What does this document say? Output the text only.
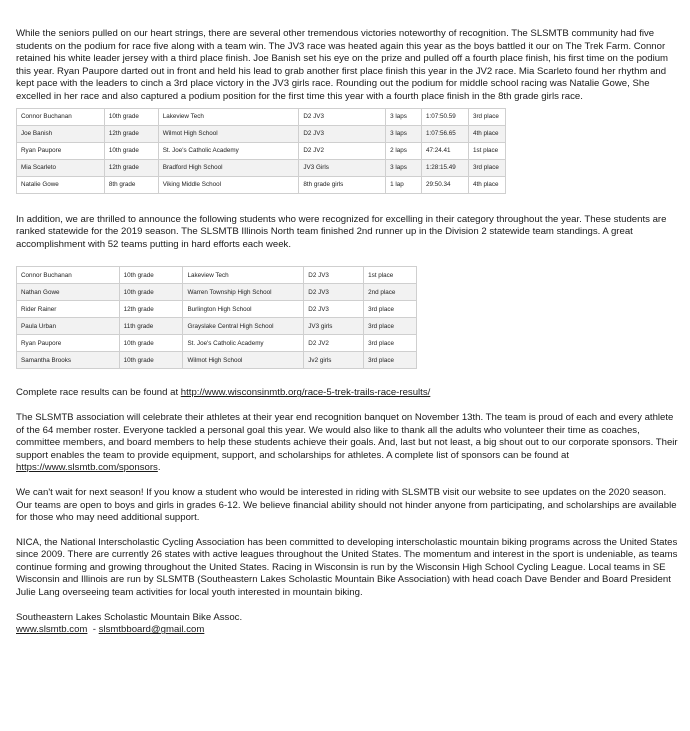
While the seniors pulled on our heart strings, there are several other tremendous victories noteworthy of recognition. The SLSMTB community had five students on the podium for race five along with a team win. The JV3 race was heated again this year as the boys battled it our on The Trek Farm. Connor retained his white leader jersey with a third place finish. Joe Banish set his eye on the prize and pulled off a fourth place finish, his first time on the podium this year. Ryan Paupore darted out in front and held his lead to grab another first place finish this year in the JV2 race. Mia Scarleto found her rhythm and kept pace with the leaders to cinch a 3rd place victory in the JV3 girls race. Rounding out the podium for middle school racing was Natalie Gowe, She excelled in her race and also captured a podium position for the first time this year with a fourth place finish in the 8th grade girls race.

Connor Buchanan	10th grade	Lakeview Tech	D2 JV3	3 laps	1:07:50.59	3rd place
Joe Banish	12th grade	Wilmot High School	D2 JV3	3 laps	1:07:56.65	4th place
Ryan Paupore	10th grade	St. Joe's Catholic Academy	D2 JV2	2 laps	47:24.41	1st place
Mia Scarleto	12th grade	Bradford High School	JV3 Girls	3 laps	1:28:15.49	3rd place
Natalie Gowe	8th grade	Viking Middle School	8th grade girls	1 lap	29:50.34	4th place

In addition, we are thrilled to announce the following students who were recognized for excelling in their category throughout the year. These students are ranked statewide for the 2019 season. The SLSMTB Illinois North team finished 2nd runner up in the Division 2 statewide team standings. A great accomplishment with 52 teams putting in hard efforts each week.

Connor Buchanan	10th grade	Lakeview Tech	D2 JV3	1st place
Nathan Gowe	10th grade	Warren Township High School	D2 JV3	2nd place
Rider Rainer	12th grade	Burlington High School	D2 JV3	3rd place
Paula Urban	11th grade	Grayslake Central High School	JV3 girls	3rd place
Ryan Paupore	10th grade	St. Joe's Catholic Academy	D2 JV2	3rd place
Samantha Brooks	10th grade	Wilmot High School	Jv2 girls	3rd place

Complete race results can be found at http://www.wisconsinmtb.org/race-5-trek-trails-race-results/

The SLSMTB association will celebrate their athletes at their year end recognition banquet on November 13th. The team is proud of each and every athlete of the 64 member roster. Everyone tackled a personal goal this year. We would also like to thank all the adults who volunteer their time as coaches, committee members, and board members to help these students achieve their goals. And, last but not least, a big shout out to our corporate sponsors. Their support enables the team to provide equipment, support, and scholarships for athletes. A complete list of sponsors can be found at https://www.slsmtb.com/sponsors.

We can't wait for next season! If you know a student who would be interested in riding with SLSMTB visit our website to see updates on the 2020 season. Our teams are open to boys and girls in grades 6-12. We believe financial ability should not hinder anyone from participating, and scholarships are available for those who may need additional support.

NICA, the National Interscholastic Cycling Association has been committed to developing interscholastic mountain biking programs across the United States since 2009. There are currently 26 states with active leagues throughout the United States. The momentum and interest in the sport is undeniable, as teams continue forming and growing throughout the United States. Racing in Wisconsin is run by the Wisconsin High School Cycling League. Local teams in SE Wisconsin and Illinois are run by SLSMTB (Southeastern Lakes Scholastic Mountain Bike Association) with head coach Dave Bender and Board President Julie Lang overseeing team activities for local youth interested in mountain biking.

Southeastern Lakes Scholastic Mountain Bike Assoc.

www.slsmtb.com  - slsmtbboard@gmail.com
